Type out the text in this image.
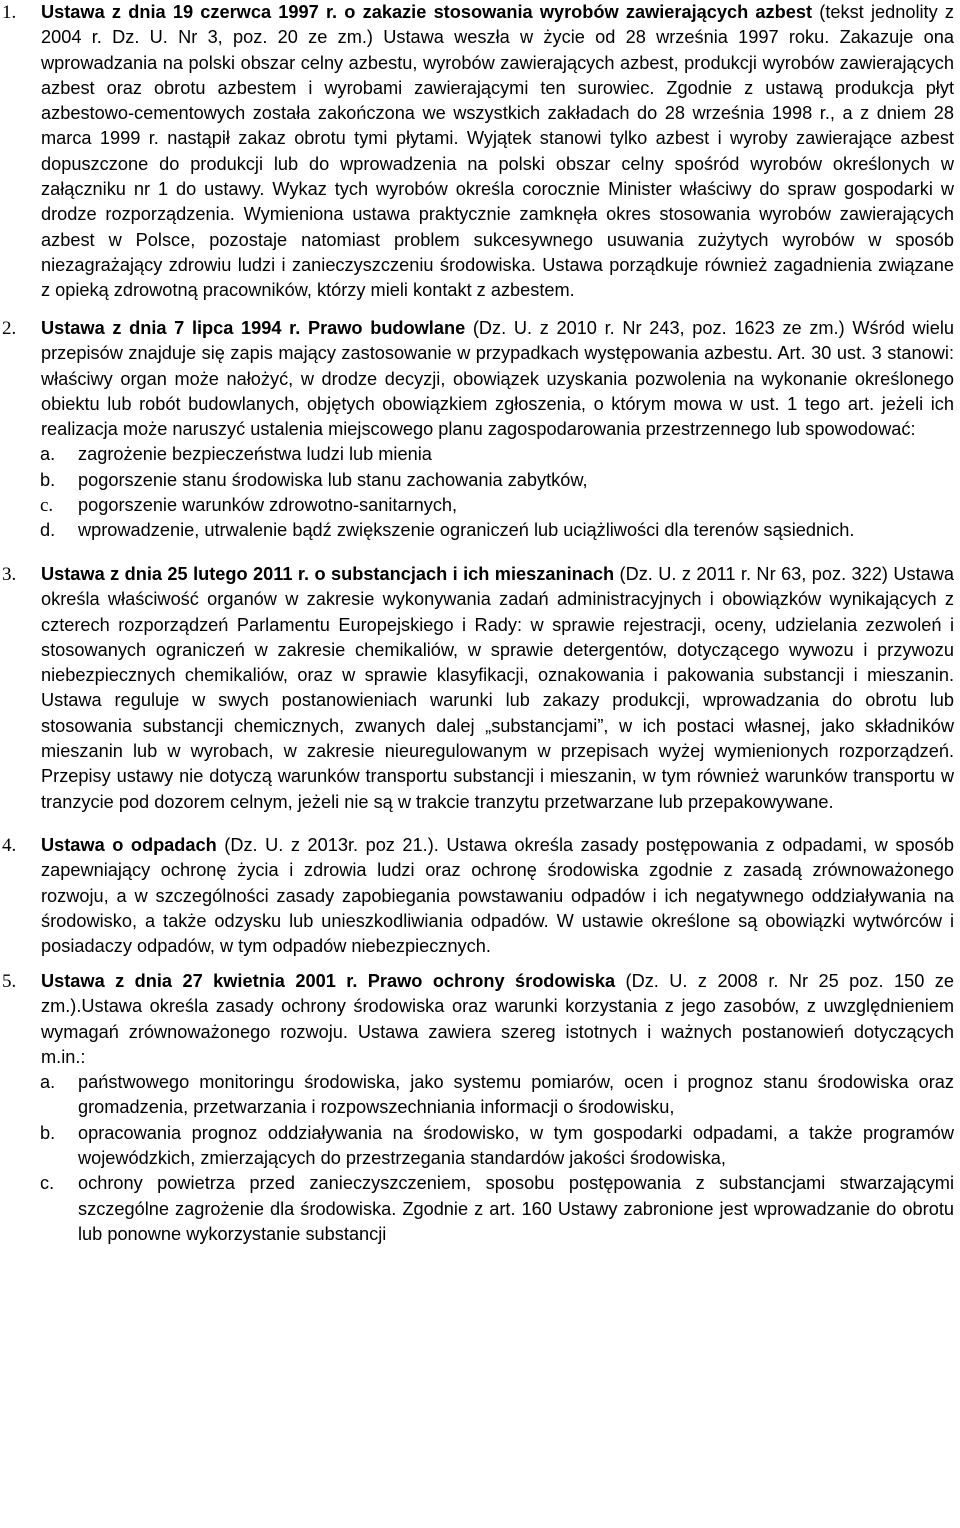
1. Ustawa z dnia 19 czerwca 1997 r. o zakazie stosowania wyrobów zawierających azbest (tekst jednolity z 2004 r. Dz. U. Nr 3, poz. 20 ze zm.) Ustawa weszła w życie od 28 września 1997 roku. Zakazuje ona wprowadzania na polski obszar celny azbestu, wyrobów zawierających azbest, produkcji wyrobów zawierających azbest oraz obrotu azbestem i wyrobami zawierającymi ten surowiec. Zgodnie z ustawą produkcja płyt azbestowo-cementowych została zakończona we wszystkich zakładach do 28 września 1998 r., a z dniem 28 marca 1999 r. nastąpił zakaz obrotu tymi płytami. Wyjątek stanowi tylko azbest i wyroby zawierające azbest dopuszczone do produkcji lub do wprowadzenia na polski obszar celny spośród wyrobów określonych w załączniku nr 1 do ustawy. Wykaz tych wyrobów określa corocznie Minister właściwy do spraw gospodarki w drodze rozporządzenia. Wymieniona ustawa praktycznie zamknęła okres stosowania wyrobów zawierających azbest w Polsce, pozostaje natomiast problem sukcesywnego usuwania zużytych wyrobów w sposób niezagrażający zdrowiu ludzi i zanieczyszczeniu środowiska. Ustawa porządkuje również zagadnienia związane z opieką zdrowotną pracowników, którzy mieli kontakt z azbestem.
2. Ustawa z dnia 7 lipca 1994 r. Prawo budowlane (Dz. U. z 2010 r. Nr 243, poz. 1623 ze zm.) Wśród wielu przepisów znajduje się zapis mający zastosowanie w przypadkach występowania azbestu. Art. 30 ust. 3 stanowi: właściwy organ może nałożyć, w drodze decyzji, obowiązek uzyskania pozwolenia na wykonanie określonego obiektu lub robót budowlanych, objętych obowiązkiem zgłoszenia, o którym mowa w ust. 1 tego art. jeżeli ich realizacja może naruszyć ustalenia miejscowego planu zagospodarowania przestrzennego lub spowodować:
a. zagrożenie bezpieczeństwa ludzi lub mienia
b. pogorszenie stanu środowiska lub stanu zachowania zabytków,
c. pogorszenie warunków zdrowotno-sanitarnych,
d. wprowadzenie, utrwalenie bądź zwiększenie ograniczeń lub uciążliwości dla terenów sąsiednich.
3. Ustawa z dnia 25 lutego 2011 r. o substancjach i ich mieszaninach (Dz. U. z 2011 r. Nr 63, poz. 322) Ustawa określa właściwość organów w zakresie wykonywania zadań administracyjnych i obowiązków wynikających z czterech rozporządzeń Parlamentu Europejskiego i Rady: w sprawie rejestracji, oceny, udzielania zezwoleń i stosowanych ograniczeń w zakresie chemikaliów, w sprawie detergentów, dotyczącego wywozu i przywozu niebezpiecznych chemikaliów, oraz w sprawie klasyfikacji, oznakowania i pakowania substancji i mieszanin. Ustawa reguluje w swych postanowieniach warunki lub zakazy produkcji, wprowadzania do obrotu lub stosowania substancji chemicznych, zwanych dalej „substancjami”, w ich postaci własnej, jako składników mieszanin lub w wyrobach, w zakresie nieuregulowanym w przepisach wyżej wymienionych rozporządzeń. Przepisy ustawy nie dotyczą warunków transportu substancji i mieszanin, w tym również warunków transportu w tranzycie pod dozorem celnym, jeżeli nie są w trakcie tranzytu przetwarzane lub przepakowywane.
4. Ustawa o odpadach (Dz. U. z 2013r. poz 21.). Ustawa określa zasady postępowania z odpadami, w sposób zapewniający ochronę życia i zdrowia ludzi oraz ochronę środowiska zgodnie z zasadą zrównoważonego rozwoju, a w szczególności zasady zapobiegania powstawaniu odpadów i ich negatywnego oddziaływania na środowisko, a także odzysku lub unieszkodliwiania odpadów. W ustawie określone są obowiązki wytwórców i posiadaczy odpadów, w tym odpadów niebezpiecznych.
5. Ustawa z dnia 27 kwietnia 2001 r. Prawo ochrony środowiska (Dz. U. z 2008 r. Nr 25 poz. 150 ze zm.).Ustawa określa zasady ochrony środowiska oraz warunki korzystania z jego zasobów, z uwzględnieniem wymagań zrównoważonego rozwoju. Ustawa zawiera szereg istotnych i ważnych postanowień dotyczących m.in.:
a. państwowego monitoringu środowiska, jako systemu pomiarów, ocen i prognoz stanu środowiska oraz gromadzenia, przetwarzania i rozpowszechniania informacji o środowisku,
b. opracowania prognoz oddziaływania na środowisko, w tym gospodarki odpadami, a także programów wojewódzkich, zmierzających do przestrzegania standardów jakości środowiska,
c. ochrony powietrza przed zanieczyszczeniem, sposobu postępowania z substancjami stwarzającymi szczególne zagrożenie dla środowiska. Zgodnie z art. 160 Ustawy zabronione jest wprowadzanie do obrotu lub ponowne wykorzystanie substancji
